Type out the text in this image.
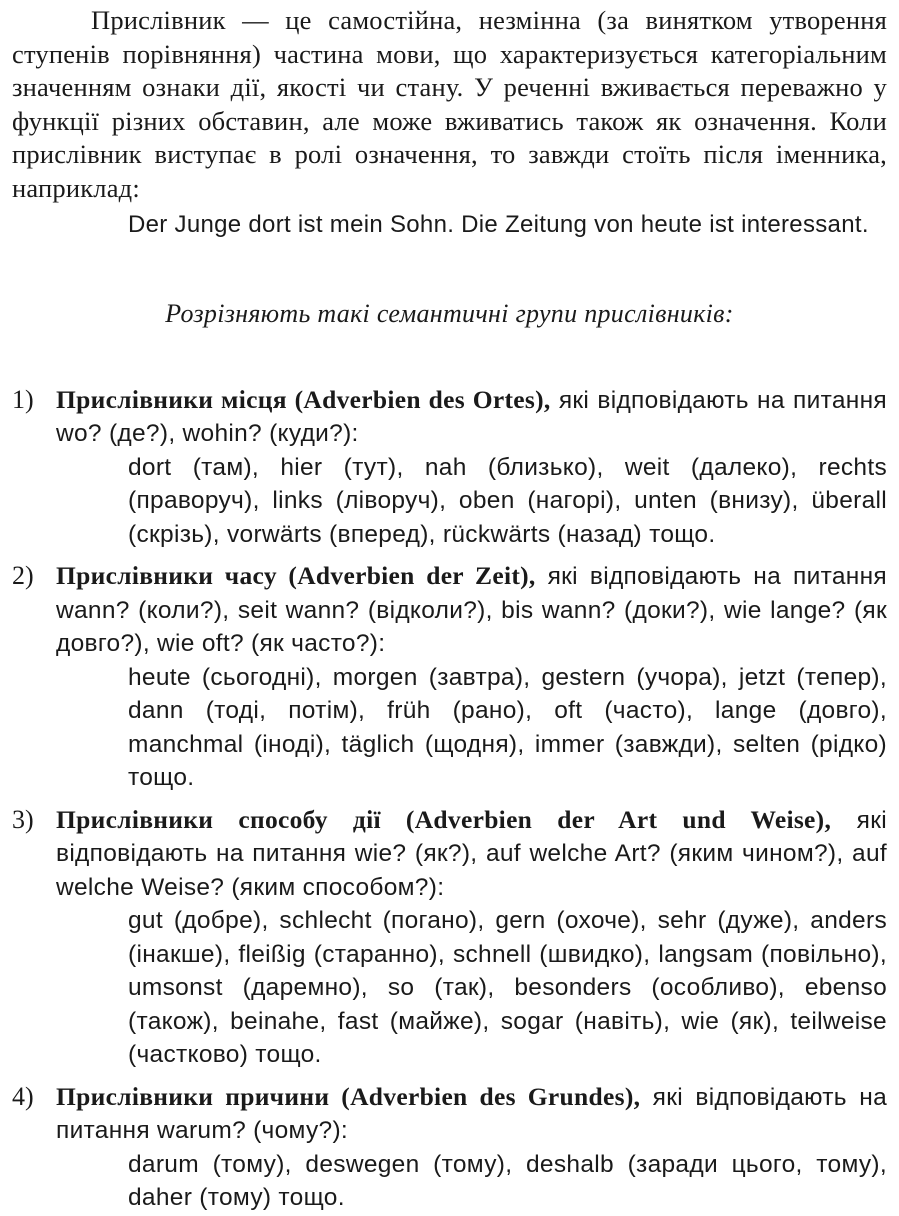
Прислівник — це самостійна, незмінна (за винятком утворення ступенів порівняння) частина мови, що характеризується категоріальним значенням ознаки дії, якості чи стану. У реченні вживається переважно у функції різних обставин, але може вживатись також як означення. Коли прислівник виступає в ролі означення, то завжди стоїть після іменника, наприклад:

Der Junge dort ist mein Sohn. Die Zeitung von heute ist interessant.

Розрізняють такі семантичні групи прислівників:

1) Прислівники місця (Adverbien des Ortes), які відповідають на питання wo? (де?), wohin? (куди?):

dort (там), hier (тут), nah (близько), weit (далеко), rechts (праворуч), links (ліворуч), oben (нагорі), unten (внизу), überall (скрізь), vorwärts (вперед), rückwärts (назад) тощо.

2) Прислівники часу (Adverbien der Zeit), які відповідають на питання wann? (коли?), seit wann? (відколи?), bis wann? (доки?), wie lange? (як довго?), wie oft? (як часто?):

heute (сьогодні), morgen (завтра), gestern (учора), jetzt (тепер), dann (тоді, потім), früh (рано), oft (часто), lange (довго), manchmal (іноді), täglich (щодня), immer (завжди), selten (рідко) тощо.

3) Прислівники способу дії (Adverbien der Art und Weise), які відповідають на питання wie? (як?), auf welche Art? (яким чином?), auf welche Weise? (яким способом?):

gut (добре), schlecht (погано), gern (охоче), sehr (дуже), anders (інакше), fleißig (старанно), schnell (швидко), langsam (повільно), umsonst (даремно), so (так), besonders (особливо), ebenso (також), beinahe, fast (майже), sogar (навіть), wie (як), teilweise (частково) тощо.

4) Прислівники причини (Adverbien des Grundes), які відповідають на питання warum? (чому?):

darum (тому), deswegen (тому), deshalb (заради цього, тому), daher (тому) тощо.
